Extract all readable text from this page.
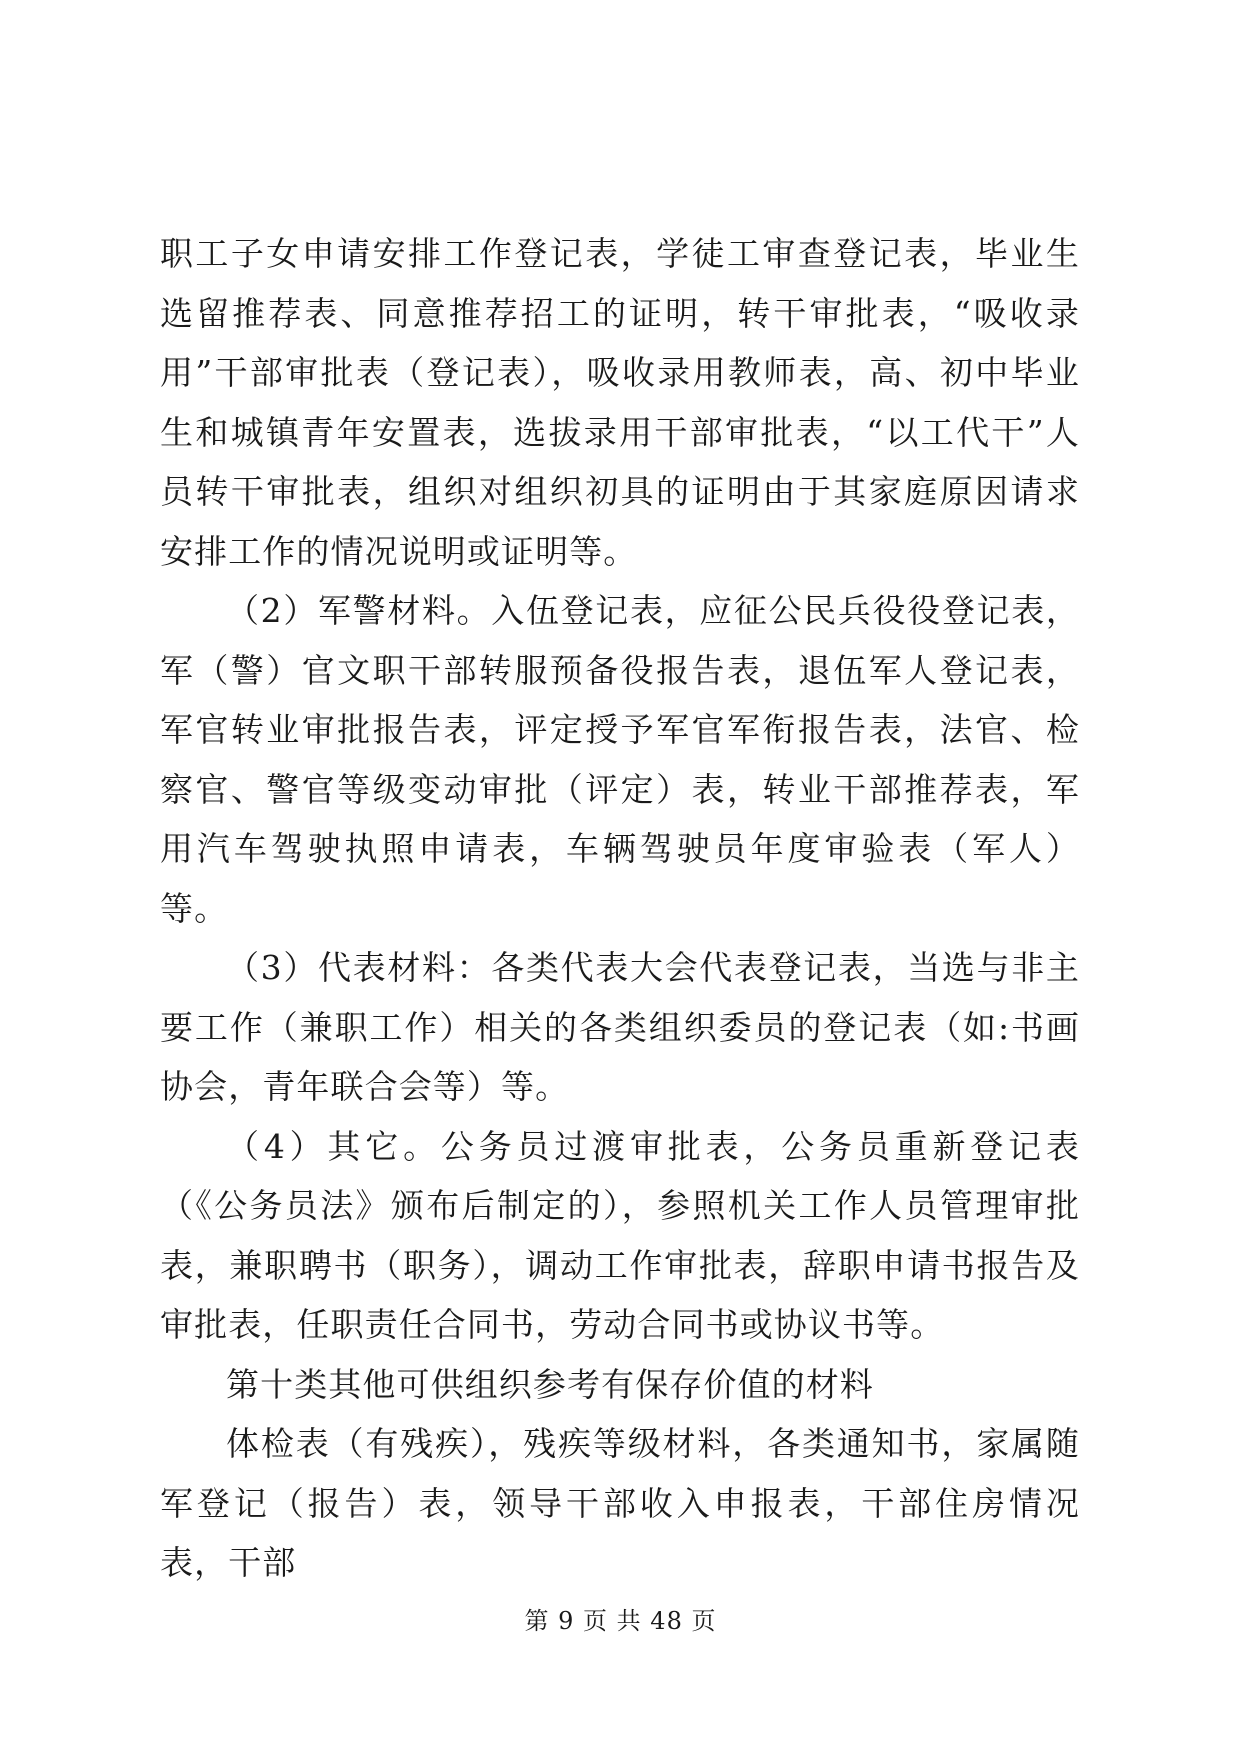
职工子女申请安排工作登记表，学徒工审查登记表，毕业生选留推荐表、同意推荐招工的证明，转干审批表，“吸收录用”干部审批表（登记表），吸收录用教师表，高、初中毕业生和城镇青年安置表，选拔录用干部审批表，“以工代干”人员转干审批表，组织对组织初具的证明由于其家庭原因请求安排工作的情况说明或证明等。

（2）军警材料。入伍登记表，应征公民兵役役登记表，军（警）官文职干部转服预备役报告表，退伍军人登记表，军官转业审批报告表，评定授予军官军衔报告表，法官、检察官、警官等级变动审批（评定）表，转业干部推荐表，军用汽车驾驶执照申请表，车辆驾驶员年度审验表（军人）等。

（3）代表材料：各类代表大会代表登记表，当选与非主要工作（兼职工作）相关的各类组织委员的登记表（如:书画协会，青年联合会等）等。

（4）其它。公务员过渡审批表，公务员重新登记表（《公务员法》颁布后制定的），参照机关工作人员管理审批表，兼职聘书（职务），调动工作审批表，辞职申请书报告及审批表，任职责任合同书，劳动合同书或协议书等。

第十类其他可供组织参考有保存价值的材料

体检表（有残疾），残疾等级材料，各类通知书，家属随军登记（报告）表，领导干部收入申报表，干部住房情况表，干部

第 9 页 共 48 页
